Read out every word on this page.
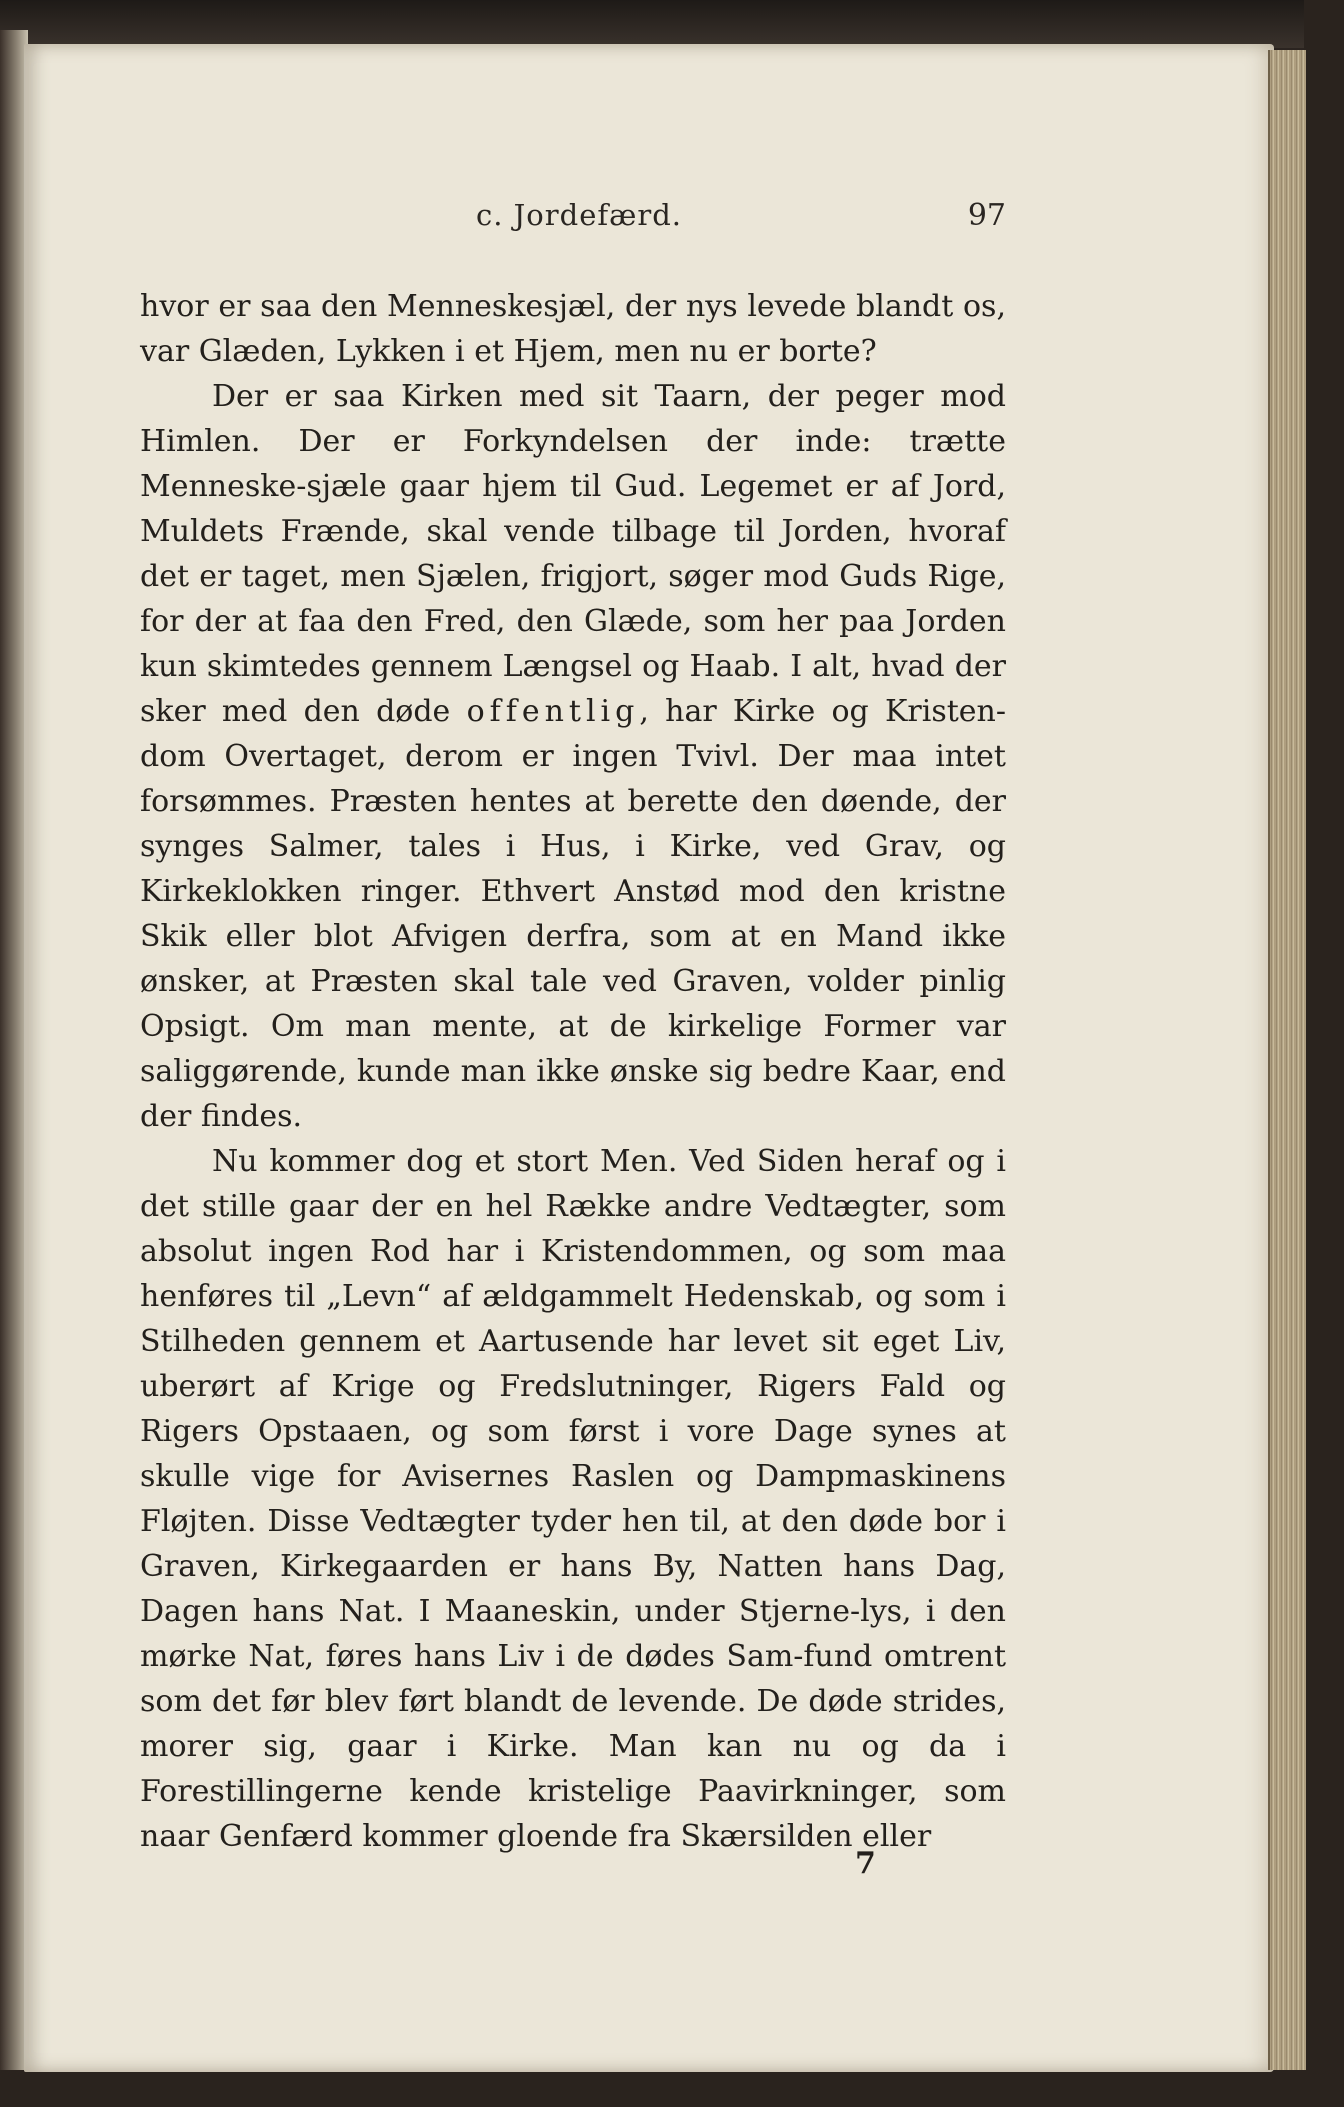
c. Jordefærd.	97

hvor er saa den Menneskesjæl, der nys levede blandt os, var Glæden, Lykken i et Hjem, men nu er borte?

Der er saa Kirken med sit Taarn, der peger mod Himlen. Der er Forkyndelsen der inde: trætte Menneske-sjæle gaar hjem til Gud. Legemet er af Jord, Muldets Frænde, skal vende tilbage til Jorden, hvoraf det er taget, men Sjælen, frigjort, søger mod Guds Rige, for der at faa den Fred, den Glæde, som her paa Jorden kun skimtedes gennem Længsel og Haab. I alt, hvad der sker med den døde offentlig, har Kirke og Kristen-dom Overtaget, derom er ingen Tvivl. Der maa intet forsømmes. Præsten hentes at berette den døende, der synges Salmer, tales i Hus, i Kirke, ved Grav, og Kirkeklokken ringer. Ethvert Anstød mod den kristne Skik eller blot Afvigen derfra, som at en Mand ikke ønsker, at Præsten skal tale ved Graven, volder pinlig Opsigt. Om man mente, at de kirkelige Former var saliggørende, kunde man ikke ønske sig bedre Kaar, end der findes.

Nu kommer dog et stort Men. Ved Siden heraf og i det stille gaar der en hel Række andre Vedtægter, som absolut ingen Rod har i Kristendommen, og som maa henføres til „Levn“ af ældgammelt Hedenskab, og som i Stilheden gennem et Aartusende har levet sit eget Liv, uberørt af Krige og Fredslutninger, Rigers Fald og Rigers Opstaaen, og som først i vore Dage synes at skulle vige for Avisernes Raslen og Dampmaskinens Fløjten. Disse Vedtægter tyder hen til, at den døde bor i Graven, Kirkegaarden er hans By, Natten hans Dag, Dagen hans Nat. I Maaneskin, under Stjerne-lys, i den mørke Nat, føres hans Liv i de dødes Sam-fund omtrent som det før blev ført blandt de levende. De døde strides, morer sig, gaar i Kirke. Man kan nu og da i Forestillingerne kende kristelige Paavirkninger, som naar Genfærd kommer gloende fra Skærsilden eller

7
